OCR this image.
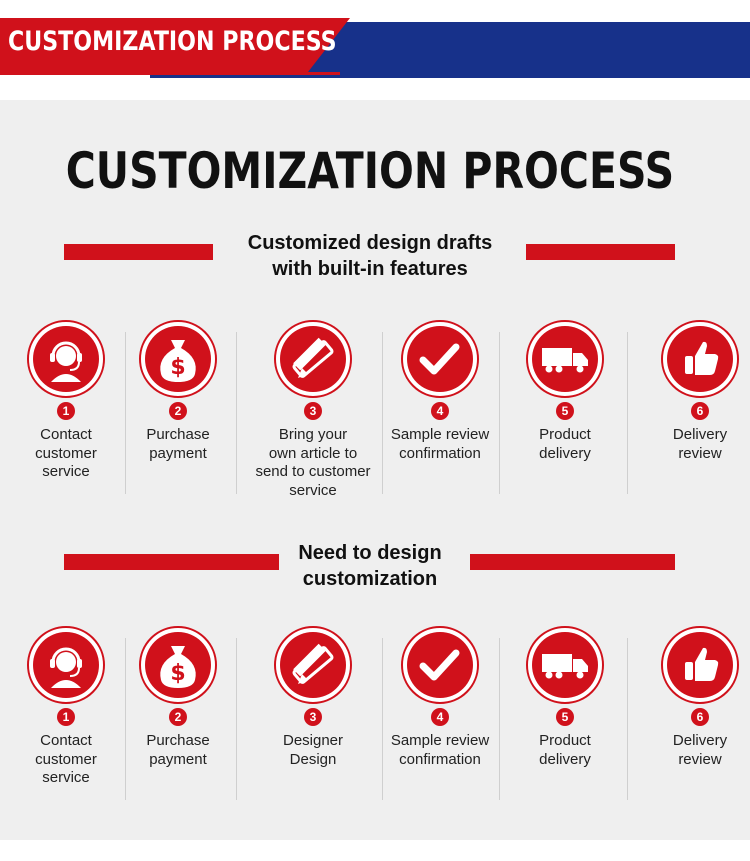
CUSTOMIZATION PROCESS
CUSTOMIZATION PROCESS
Customized design drafts
with built-in features
1
Contact
customer
service
$
2
Purchase
payment
3
Bring your
own article to
send to customer
service
4
Sample review
confirmation
5
Product
delivery
6
Delivery
review
Need to design
customization
1
Contact
customer
service
$
2
Purchase
payment
3
Designer
Design
4
Sample review
confirmation
5
Product
delivery
6
Delivery
review
